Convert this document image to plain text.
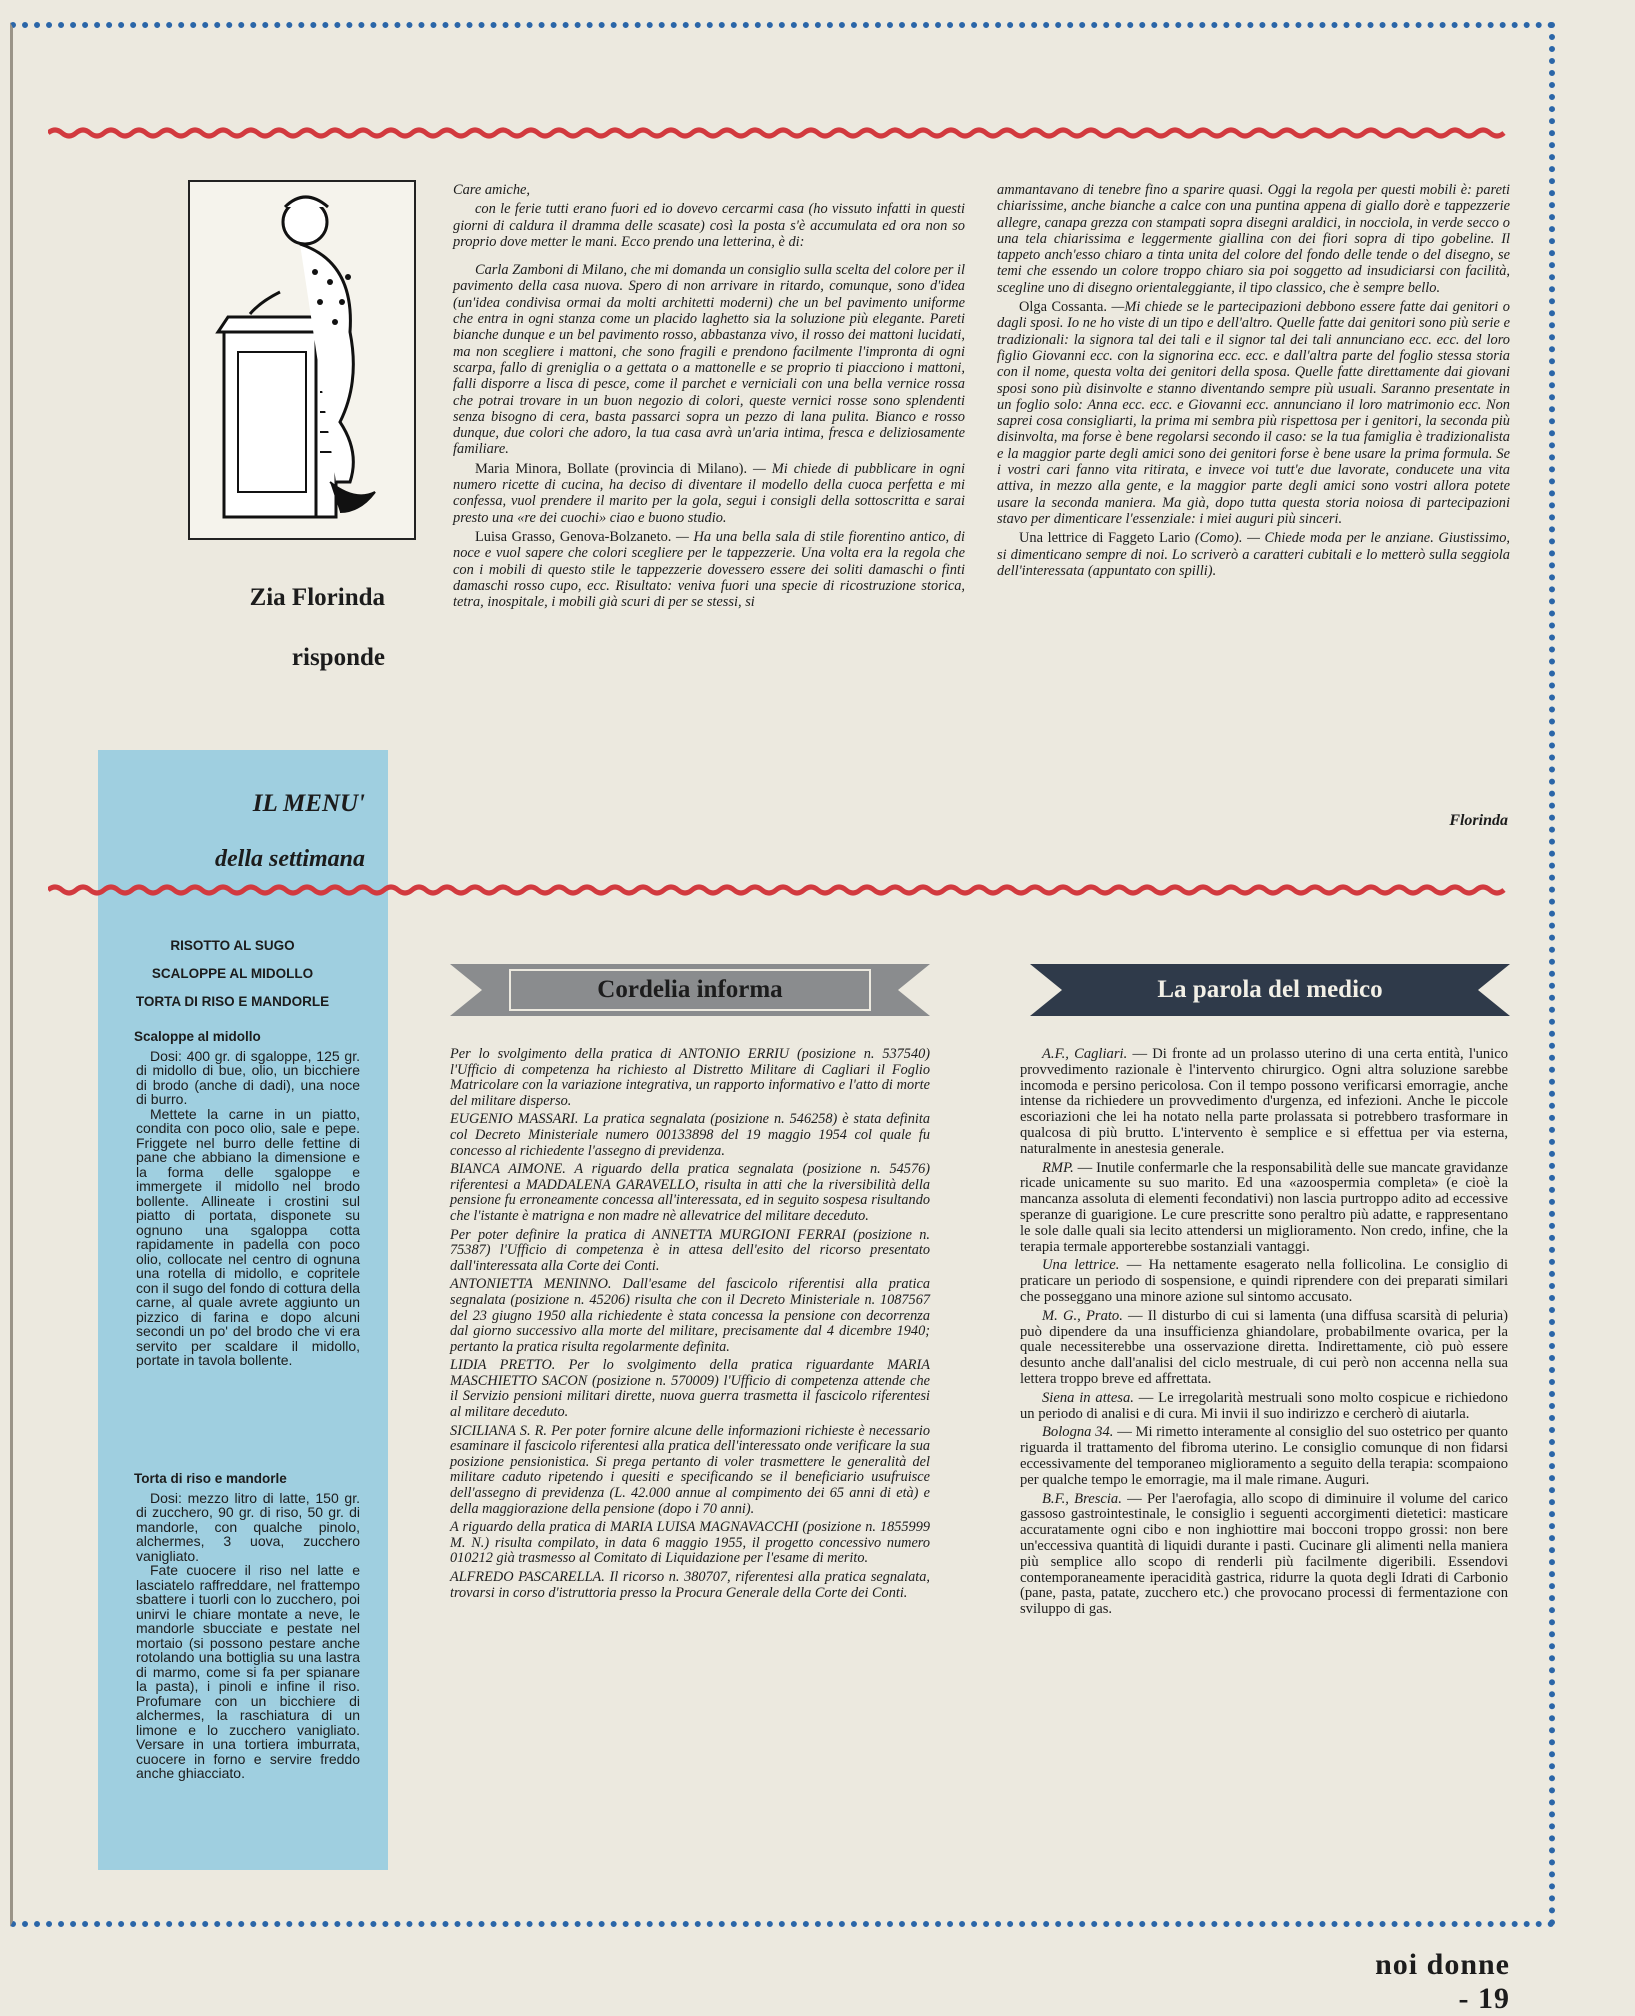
Zia Florinda
risponde

Care amiche,

con le ferie tutti erano fuori ed io dovevo cercarmi casa (ho vissuto infatti in questi giorni di caldura il dramma delle scasate) così la posta s'è accumulata ed ora non so proprio dove metter le mani. Ecco prendo una letterina, è di:

Carla Zamboni di Milano, che mi domanda un consiglio sulla scelta del colore per il pavimento della casa nuova. Spero di non arrivare in ritardo, comunque, sono d'idea (un'idea condivisa ormai da molti architetti moderni) che un bel pavimento uniforme che entra in ogni stanza come un placido laghetto sia la soluzione più elegante. Pareti bianche dunque e un bel pavimento rosso, abbastanza vivo, il rosso dei mattoni lucidati, ma non scegliere i mattoni, che sono fragili e prendono facilmente l'impronta di ogni scarpa, fallo di greniglia o a gettata o a mattonelle e se proprio ti piacciono i mattoni, falli disporre a lisca di pesce, come il parchet e verniciali con una bella vernice rossa che potrai trovare in un buon negozio di colori, queste vernici rosse sono splendenti senza bisogno di cera, basta passarci sopra un pezzo di lana pulita. Bianco e rosso dunque, due colori che adoro, la tua casa avrà un'aria intima, fresca e deliziosamente familiare.

Maria Minora, Bollate (provincia di Milano). — Mi chiede di pubblicare in ogni numero ricette di cucina, ha deciso di diventare il modello della cuoca perfetta e mi confessa, vuol prendere il marito per la gola, segui i consigli della sottoscritta e sarai presto una «re dei cuochi» ciao e buono studio.

Luisa Grasso, Genova-Bolzaneto. — Ha una bella sala di stile fiorentino antico, di noce e vuol sapere che colori scegliere per le tappezzerie. Una volta era la regola che con i mobili di questo stile le tappezzerie dovessero essere dei soliti damaschi o finti damaschi rosso cupo, ecc. Risultato: veniva fuori una specie di ricostruzione storica, tetra, inospitale, i mobili già scuri di per se stessi, si

ammantavano di tenebre fino a sparire quasi. Oggi la regola per questi mobili è: pareti chiarissime, anche bianche a calce con una puntina appena di giallo dorè e tappezzerie allegre, canapa grezza con stampati sopra disegni araldici, in nocciola, in verde secco o una tela chiarissima e leggermente giallina con dei fiori sopra di tipo gobeline. Il tappeto anch'esso chiaro a tinta unita del colore del fondo delle tende o del disegno, se temi che essendo un colore troppo chiaro sia poi soggetto ad insudiciarsi con facilità, scegline uno di disegno orientaleggiante, il tipo classico, che è sempre bello.

Olga Cossanta. —Mi chiede se le partecipazioni debbono essere fatte dai genitori o dagli sposi. Io ne ho viste di un tipo e dell'altro. Quelle fatte dai genitori sono più serie e tradizionali: la signora tal dei tali e il signor tal dei tali annunciano ecc. ecc. del loro figlio Giovanni ecc. con la signorina ecc. ecc. e dall'altra parte del foglio stessa storia con il nome, questa volta dei genitori della sposa. Quelle fatte direttamente dai giovani sposi sono più disinvolte e stanno diventando sempre più usuali. Saranno presentate in un foglio solo: Anna ecc. ecc. e Giovanni ecc. annunciano il loro matrimonio ecc. Non saprei cosa consigliarti, la prima mi sembra più rispettosa per i genitori, la seconda più disinvolta, ma forse è bene regolarsi secondo il caso: se la tua famiglia è tradizionalista e la maggior parte degli amici sono dei genitori forse è bene usare la prima formula. Se i vostri cari fanno vita ritirata, e invece voi tutt'e due lavorate, conducete una vita attiva, in mezzo alla gente, e la maggior parte degli amici sono vostri allora potete usare la seconda maniera. Ma già, dopo tutta questa storia noiosa di partecipazioni stavo per dimenticare l'essenziale: i miei auguri più sinceri.

Una lettrice di Faggeto Lario (Como). — Chiede moda per le anziane. Giustissimo, si dimenticano sempre di noi. Lo scriverò a caratteri cubitali e lo metterò sulla seggiola dell'interessata (appuntato con spilli).

Florinda
IL MENU'
della settimana
RISOTTO AL SUGO
SCALOPPE AL MIDOLLO
TORTA DI RISO E MANDORLE
Scaloppe al midollo

Dosi: 400 gr. di sgaloppe, 125 gr. di midollo di bue, olio, un bicchiere di brodo (anche di dadi), una noce di burro.

Mettete la carne in un piatto, condita con poco olio, sale e pepe. Friggete nel burro delle fettine di pane che abbiano la dimensione e la forma delle sgaloppe e immergete il midollo nel brodo bollente. Allineate i crostini sul piatto di portata, disponete su ognuno una sgaloppa cotta rapidamente in padella con poco olio, collocate nel centro di ognuna una rotella di midollo, e copritele con il sugo del fondo di cottura della carne, al quale avrete aggiunto un pizzico di farina e dopo alcuni secondi un po' del brodo che vi era servito per scaldare il midollo, portate in tavola bollente.

Torta di riso e mandorle

Dosi: mezzo litro di latte, 150 gr. di zucchero, 90 gr. di riso, 50 gr. di mandorle, con qualche pinolo, alchermes, 3 uova, zucchero vanigliato.

Fate cuocere il riso nel latte e lasciatelo raffreddare, nel frattempo sbattere i tuorli con lo zucchero, poi unirvi le chiare montate a neve, le mandorle sbucciate e pestate nel mortaio (si possono pestare anche rotolando una bottiglia su una lastra di marmo, come si fa per spianare la pasta), i pinoli e infine il riso. Profumare con un bicchiere di alchermes, la raschiatura di un limone e lo zucchero vanigliato. Versare in una tortiera imburrata, cuocere in forno e servire freddo anche ghiacciato.

Cordelia informa	La parola del medico

Per lo svolgimento della pratica di ANTONIO ERRIU (posizione n. 537540) l'Ufficio di competenza ha richiesto al Distretto Militare di Cagliari il Foglio Matricolare con la variazione integrativa, un rapporto informativo e l'atto di morte del militare disperso.

EUGENIO MASSARI. La pratica segnalata (posizione n. 546258) è stata definita col Decreto Ministeriale numero 00133898 del 19 maggio 1954 col quale fu concesso al richiedente l'assegno di previdenza.

BIANCA AIMONE. A riguardo della pratica segnalata (posizione n. 54576) riferentesi a MADDALENA GARAVELLO, risulta in atti che la riversibilità della pensione fu erroneamente concessa all'interessata, ed in seguito sospesa risultando che l'istante è matrigna e non madre nè allevatrice del militare deceduto.

Per poter definire la pratica di ANNETTA MURGIONI FERRAI (posizione n. 75387) l'Ufficio di competenza è in attesa dell'esito del ricorso presentato dall'interessata alla Corte dei Conti.

ANTONIETTA MENINNO. Dall'esame del fascicolo riferentisi alla pratica segnalata (posizione n. 45206) risulta che con il Decreto Ministeriale n. 1087567 del 23 giugno 1950 alla richiedente è stata concessa la pensione con decorrenza dal giorno successivo alla morte del militare, precisamente dal 4 dicembre 1940; pertanto la pratica risulta regolarmente definita.

LIDIA PRETTO. Per lo svolgimento della pratica riguardante MARIA MASCHIETTO SACON (posizione n. 570009) l'Ufficio di competenza attende che il Servizio pensioni militari dirette, nuova guerra trasmetta il fascicolo riferentesi al militare deceduto.

SICILIANA S. R. Per poter fornire alcune delle informazioni richieste è necessario esaminare il fascicolo riferentesi alla pratica dell'interessato onde verificare la sua posizione pensionistica. Si prega pertanto di voler trasmettere le generalità del militare caduto ripetendo i quesiti e specificando se il beneficiario usufruisce dell'assegno di previdenza (L. 42.000 annue al compimento dei 65 anni di età) e della maggiorazione della pensione (dopo i 70 anni).

A riguardo della pratica di MARIA LUISA MAGNAVACCHI (posizione n. 1855999 M. N.) risulta compilato, in data 6 maggio 1955, il progetto concessivo numero 010212 già trasmesso al Comitato di Liquidazione per l'esame di merito.

ALFREDO PASCARELLA. Il ricorso n. 380707, riferentesi alla pratica segnalata, trovarsi in corso d'istruttoria presso la Procura Generale della Corte dei Conti.

A.F., Cagliari. — Di fronte ad un prolasso uterino di una certa entità, l'unico provvedimento razionale è l'intervento chirurgico. Ogni altra soluzione sarebbe incomoda e persino pericolosa. Con il tempo possono verificarsi emorragie, anche intense da richiedere un provvedimento d'urgenza, ed infezioni. Anche le piccole escoriazioni che lei ha notato nella parte prolassata si potrebbero trasformare in qualcosa di più brutto. L'intervento è semplice e si effettua per via esterna, naturalmente in anestesia generale.

RMP. — Inutile confermarle che la responsabilità delle sue mancate gravidanze ricade unicamente su suo marito. Ed una «azoospermia completa» (e cioè la mancanza assoluta di elementi fecondativi) non lascia purtroppo adito ad eccessive speranze di guarigione. Le cure prescritte sono peraltro più adatte, e rappresentano le sole dalle quali sia lecito attendersi un miglioramento. Non credo, infine, che la terapia termale apporterebbe sostanziali vantaggi.

Una lettrice. — Ha nettamente esagerato nella follicolina. Le consiglio di praticare un periodo di sospensione, e quindi riprendere con dei preparati similari che posseggano una minore azione sul sintomo accusato.

M. G., Prato. — Il disturbo di cui si lamenta (una diffusa scarsità di peluria) può dipendere da una insufficienza ghiandolare, probabilmente ovarica, per la quale necessiterebbe una osservazione diretta. Indirettamente, ciò può essere desunto anche dall'analisi del ciclo mestruale, di cui però non accenna nella sua lettera troppo breve ed affrettata.

Siena in attesa. — Le irregolarità mestruali sono molto cospicue e richiedono un periodo di analisi e di cura. Mi invii il suo indirizzo e cercherò di aiutarla.

Bologna 34. — Mi rimetto interamente al consiglio del suo ostetrico per quanto riguarda il trattamento del fibroma uterino. Le consiglio comunque di non fidarsi eccessivamente del temporaneo miglioramento a seguito della terapia: scompaiono per qualche tempo le emorragie, ma il male rimane. Auguri.

B.F., Brescia. — Per l'aerofagia, allo scopo di diminuire il volume del carico gassoso gastrointestinale, le consiglio i seguenti accorgimenti dietetici: masticare accuratamente ogni cibo e non inghiottire mai bocconi troppo grossi: non bere un'eccessiva quantità di liquidi durante i pasti. Cucinare gli alimenti nella maniera più semplice allo scopo di renderli più facilmente digeribili. Essendovi contemporaneamente iperacidità gastrica, ridurre la quota degli Idrati di Carbonio (pane, pasta, patate, zucchero etc.) che provocano processi di fermentazione con sviluppo di gas.

noi donne - 19
